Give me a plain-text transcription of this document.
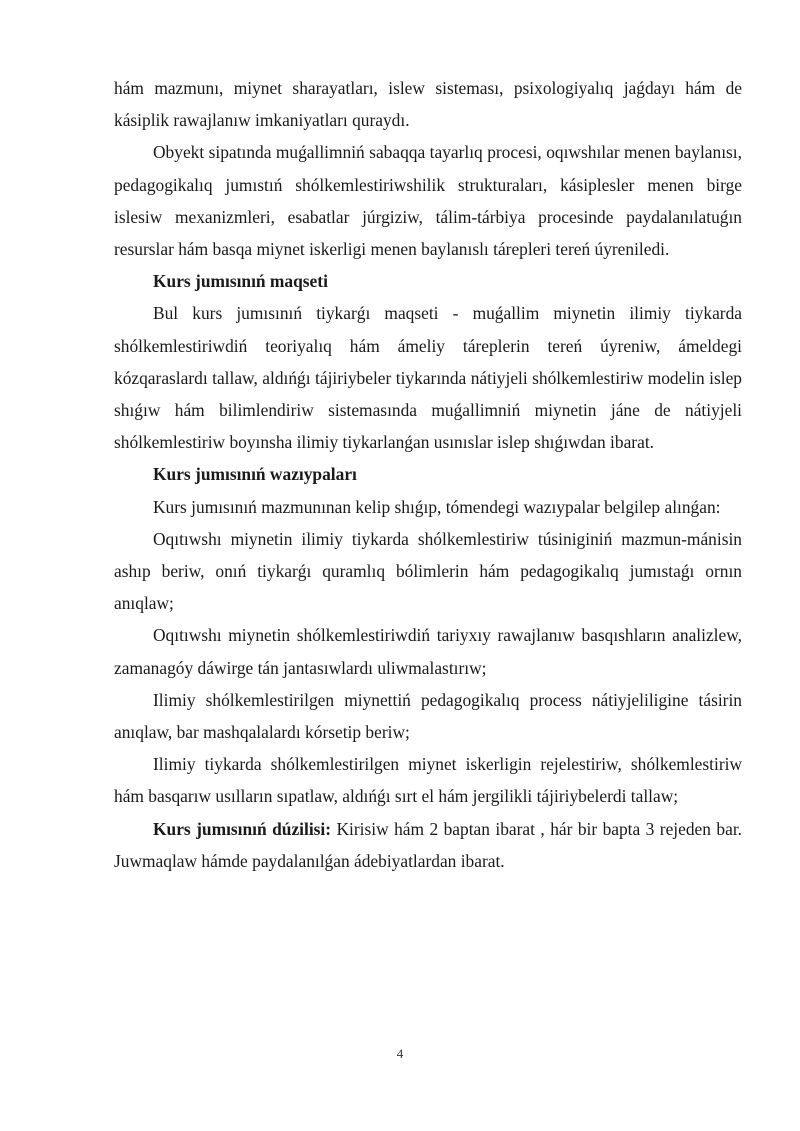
hám mazmunı, miynet sharayatları, islew sisteması, psixologiyalıq jaǵdayı hám de kásiplik rawajlanıw imkaniyatları quraydı.

Obyekt sipatında muǵallimniń sabaqqa tayarlıq procesi, oqıwshılar menen baylanısı, pedagogikalıq jumıstıń shólkemlestiriwshilik strukturaları, kásiplesler menen birge islesiw mexanizmleri, esabatlar júrgiziw, tálim-tárbiya procesinde paydalanılatuǵın resurslar hám basqa miynet iskerligi menen baylanıslı tárepleri tereń úyreniledi.

Kurs jumısınıń maqseti

Bul kurs jumısınıń tiykarǵı maqseti - muǵallim miynetin ilimiy tiykarda shólkemlestiriwdiń teoriyalıq hám ámeliy táreplerin tereń úyreniw, ámeldegi kózqaraslardı tallaw, aldıńǵı tájiriybeler tiykarında nátiyjeli shólkemlestiriw modelin islep shıǵıw hám bilimlendiriw sistemasında muǵallimniń miynetin jáne de nátiyjeli shólkemlestiriw boyınsha ilimiy tiykarlanǵan usınıslar islep shıǵıwdan ibarat.

Kurs jumısınıń wazıypaları

Kurs jumısınıń mazmunınan kelip shıǵıp, tómendegi wazıypalar belgilep alınǵan:

Oqıtıwshı miynetin ilimiy tiykarda shólkemlestiriw túsiniginiń mazmun-mánisin ashıp beriw, onıń tiykarǵı quramlıq bólimlerin hám pedagogikalıq jumıstaǵı ornın anıqlaw;

Oqıtıwshı miynetin shólkemlestiriwdiń tariyxıy rawajlanıw basqıshların analizlew, zamanagóy dáwirge tán jantasıwlardı uliwmalastırıw;

Ilimiy shólkemlestirilgen miynettiń pedagogikalıq process nátiyjeliligine tásirin anıqlaw, bar mashqalalardı kórsetip beriw;

Ilimiy tiykarda shólkemlestirilgen miynet iskerligin rejelestiriw, shólkemlestiriw hám basqarıw usılların sıpatlaw, aldıńǵı sırt el hám jergilikli tájiriybelerdi tallaw;

Kurs jumısınıń dúzilisi: Kirisiw hám 2 baptan ibarat , hár bir bapta 3 rejeden bar. Juwmaqlaw hámde paydalanılǵan ádebiyatlardan ibarat.

4
